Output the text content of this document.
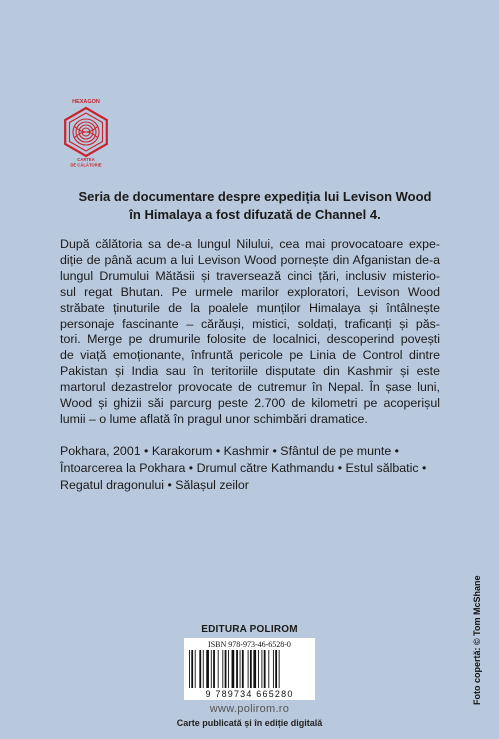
HEXAGON
CARTEA
DE CĂLĂTORIE

Seria de documentare despre expediția lui Levison Wood
în Himalaya a fost difuzată de Channel 4.

După călătoria sa de-a lungul Nilului, cea mai provocatoare expe-
diție de până acum a lui Levison Wood pornește din Afganistan de-a
lungul Drumului Mătăsii și traversează cinci țări, inclusiv misterio-
sul regat Bhutan. Pe urmele marilor exploratori, Levison Wood
străbate ținuturile de la poalele munților Himalaya și întâlnește
personaje fascinante – cărăuși, mistici, soldați, traficanți și păs-
tori. Merge pe drumurile folosite de localnici, descoperind povești
de viață emoționante, înfruntă pericole pe Linia de Control dintre
Pakistan și India sau în teritoriile disputate din Kashmir și este
martorul dezastrelor provocate de cutremur în Nepal. În șase luni,
Wood și ghizii săi parcurg peste 2.700 de kilometri pe acoperișul
lumii – o lume aflată în pragul unor schimbări dramatice.

Pokhara, 2001 • Karakorum • Kashmir • Sfântul de pe munte • Întoarcerea la Pokhara • Drumul către Kathmandu • Estul sălbatic •
Regatul dragonului • Sălașul zeilor

EDITURA POLIROM
ISBN 978-973-46-6528-0
9 789734 665280
www.polirom.ro
Carte publicată și în ediție digitală
Foto copertă: © Tom McShane
